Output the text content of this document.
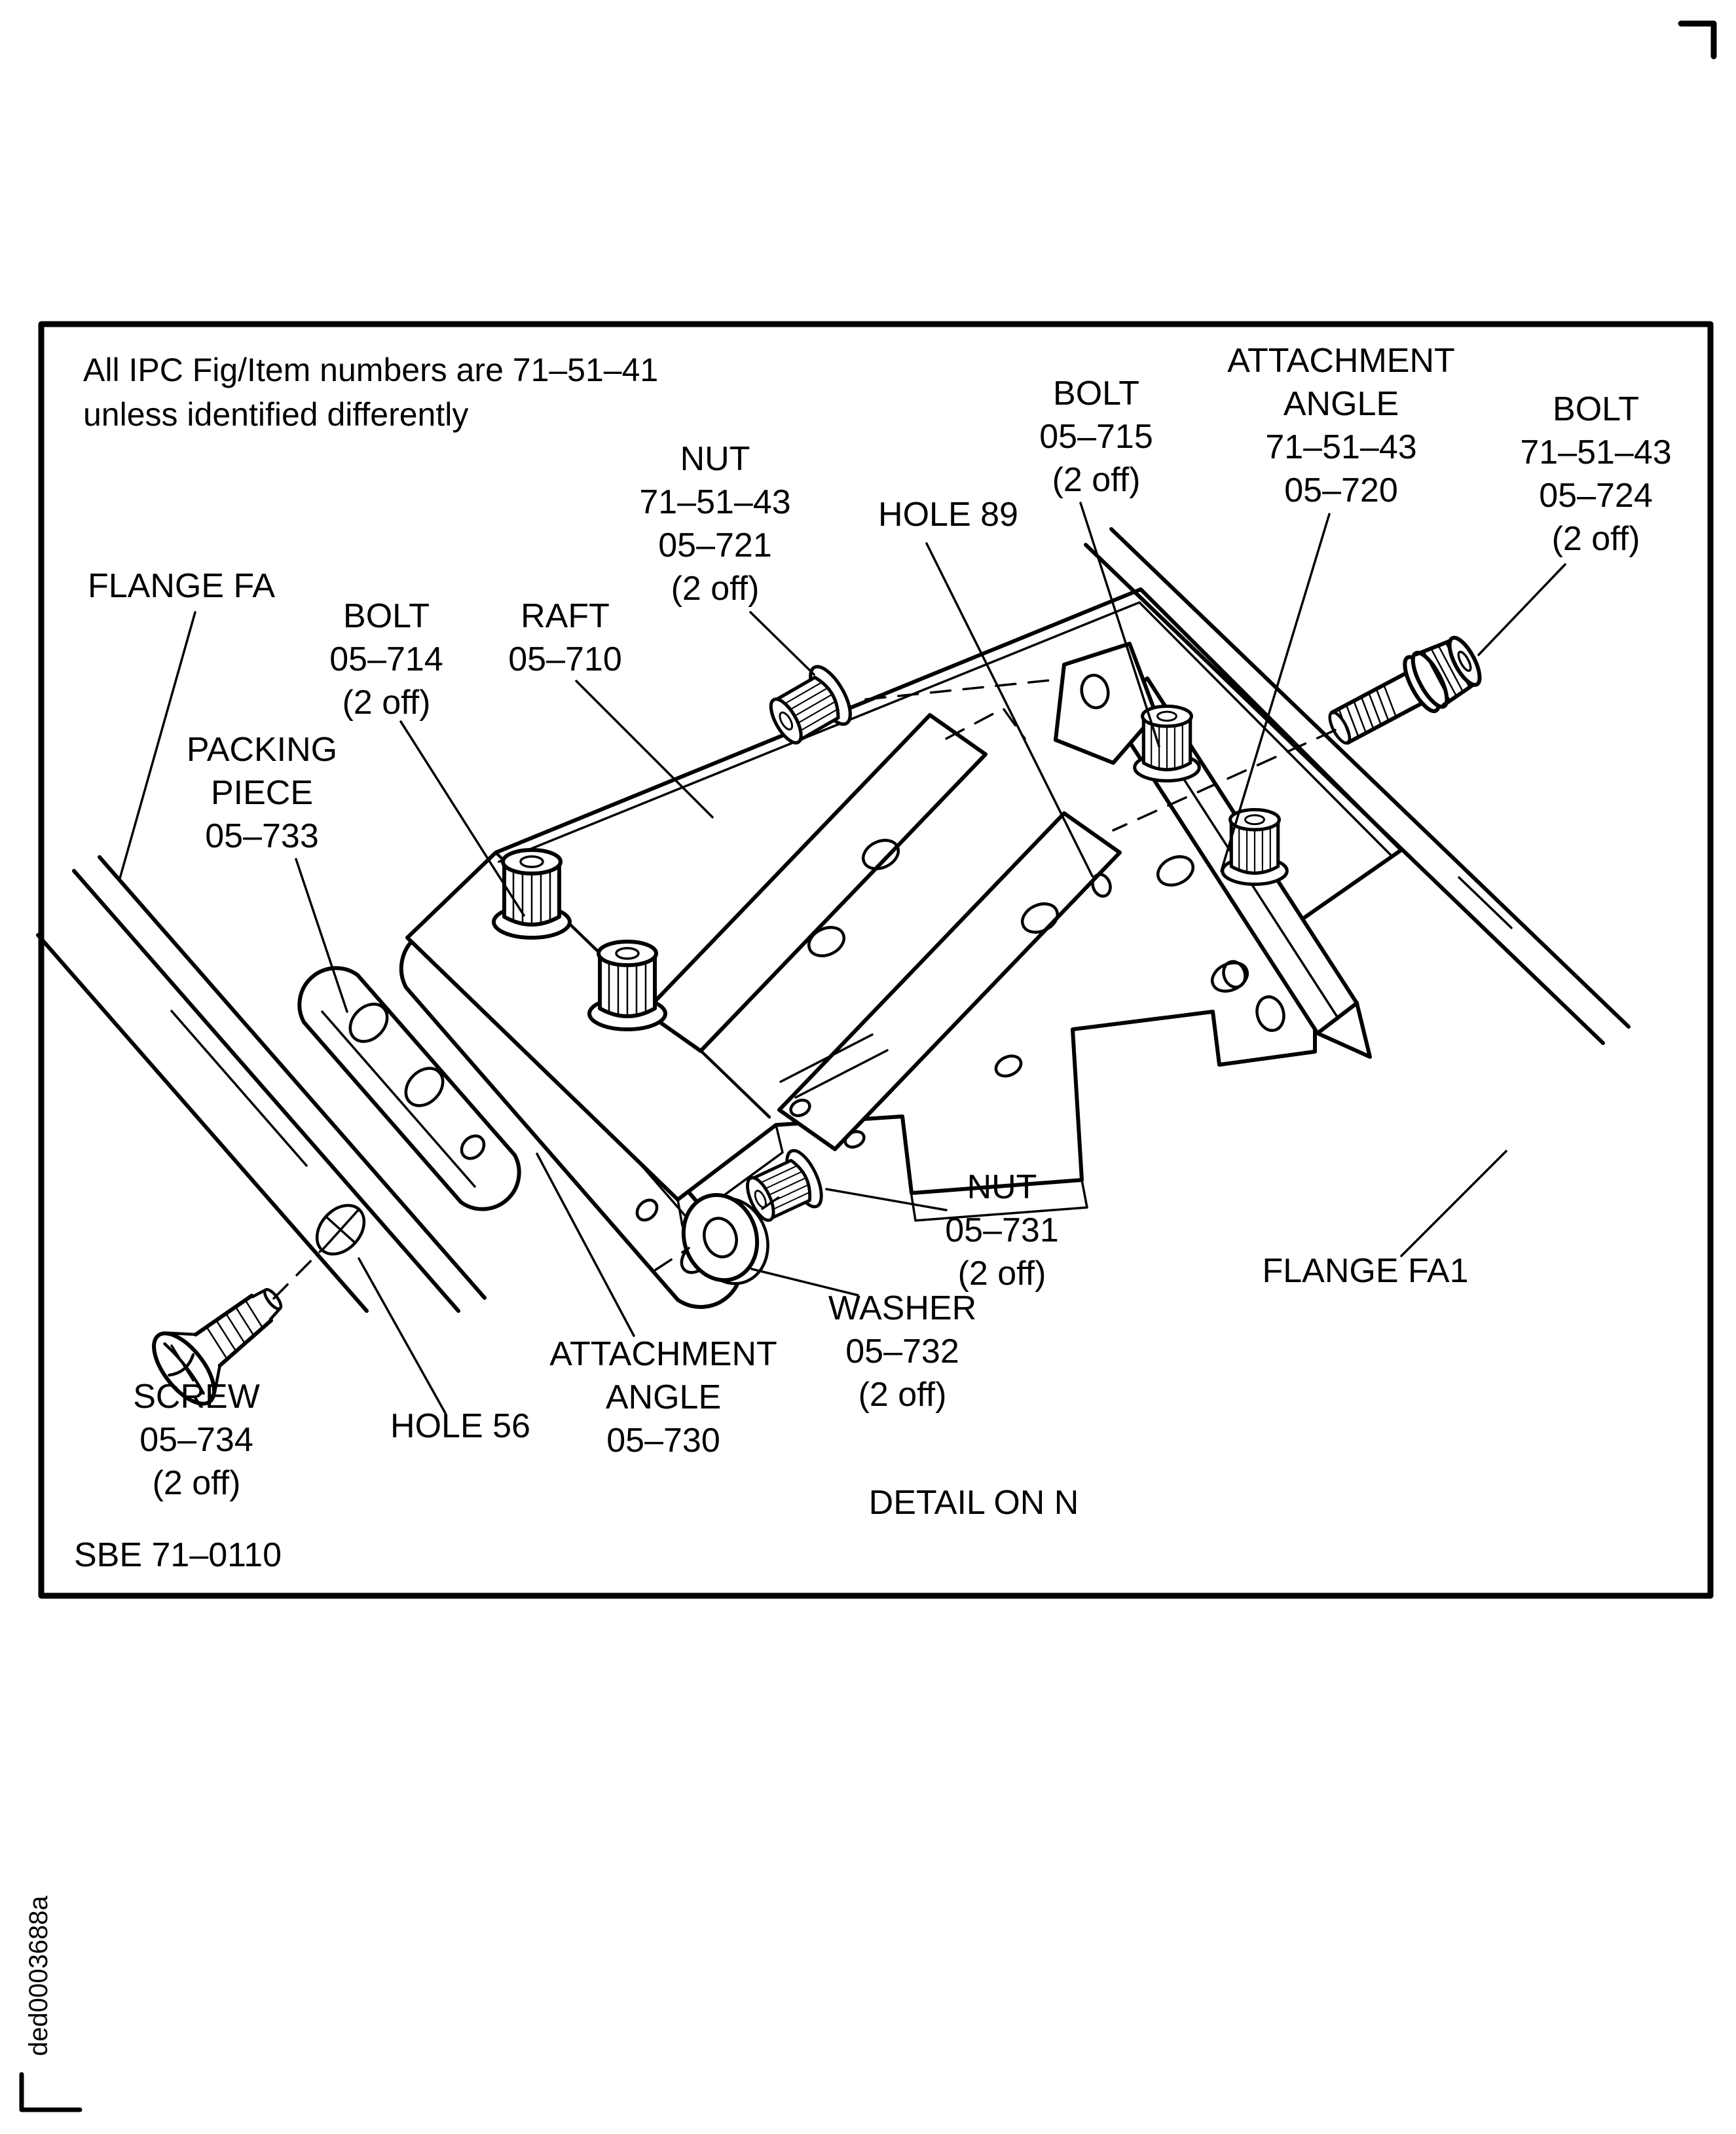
ded0003688a
All IPC Fig/Item numbers are 71–51–41
unless identified differently
FLANGE FA
BOLT
05–714
(2 off)
RAFT
05–710
NUT
71–51–43
05–721
(2 off)
HOLE 89
BOLT
05–715
(2 off)
ATTACHMENT
ANGLE
71–51–43
05–720
BOLT
71–51–43
05–724
(2 off)
PACKING
PIECE
05–733
NUT
05–731
(2 off)
WASHER
05–732
(2 off)
ATTACHMENT
ANGLE
05–730
HOLE 56
SCREW
05–734
(2 off)
FLANGE FA1
DETAIL ON N
SBE 71–0110
